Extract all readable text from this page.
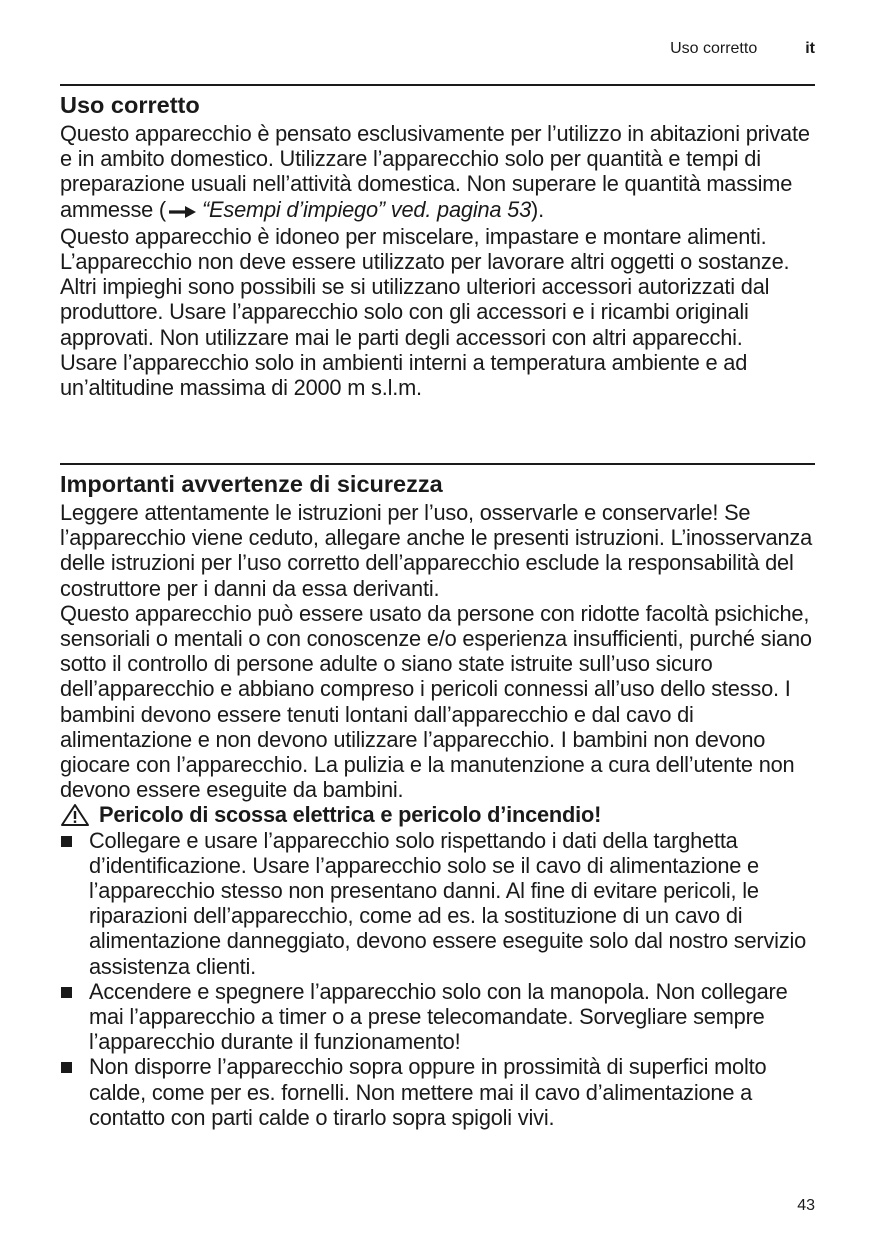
Uso corretto	it
Uso corretto

Questo apparecchio è pensato esclusivamente per l’utilizzo in abitazioni private e in ambito domestico. Utilizzare l’apparecchio solo per quantità e tempi di preparazione usuali nell’attività domestica. Non superare le quantità massime ammesse ( “Esempi d’impiego” ved. pagina 53).

Questo apparecchio è idoneo per miscelare, impastare e montare alimenti. L’apparecchio non deve essere utilizzato per lavorare altri oggetti o sostanze. Altri impieghi sono possibili se si utilizzano ulteriori accessori autorizzati dal produttore. Usare l’apparecchio solo con gli accessori e i ricambi originali approvati. Non utilizzare mai le parti degli accessori con altri apparecchi.

Usare l’apparecchio solo in ambienti interni a temperatura ambiente e ad un’altitudine massima di 2000 m s.l.m.

Importanti avvertenze di sicurezza

Leggere attentamente le istruzioni per l’uso, osservarle e conservarle! Se l’apparecchio viene ceduto, allegare anche le presenti istruzioni. L’inosservanza delle istruzioni per l’uso corretto dell’apparecchio esclude la responsabilità del costruttore per i danni da essa derivanti.

Questo apparecchio può essere usato da persone con ridotte facoltà psichiche, sensoriali o mentali o con conoscenze e/o esperienza insufficienti, purché siano sotto il controllo di persone adulte o siano state istruite sull’uso sicuro dell’apparecchio e abbiano compreso i pericoli connessi all’uso dello stesso. I bambini devono essere tenuti lontani dall’apparecchio e dal cavo di alimentazione e non devono utilizzare l’apparecchio. I bambini non devono giocare con l’apparecchio. La pulizia e la manutenzione a cura dell’utente non devono essere eseguite da bambini.

Pericolo di scossa elettrica e pericolo d’incendio!

Collegare e usare l’apparecchio solo rispettando i dati della targhetta d’identificazione. Usare l’apparecchio solo se il cavo di alimentazione e l’apparecchio stesso non presentano danni. Al fine di evitare pericoli, le riparazioni dell’apparecchio, come ad es. la sostituzione di un cavo di alimentazione danneggiato, devono essere eseguite solo dal nostro servizio assistenza clienti.
Accendere e spegnere l’apparecchio solo con la manopola. Non collegare mai l’apparecchio a timer o a prese telecomandate. Sorvegliare sempre l’apparecchio durante il funzionamento!
Non disporre l’apparecchio sopra oppure in prossimità di superfici molto calde, come per es. fornelli. Non mettere mai il cavo d’alimentazione a contatto con parti calde o tirarlo sopra spigoli vivi.
43
